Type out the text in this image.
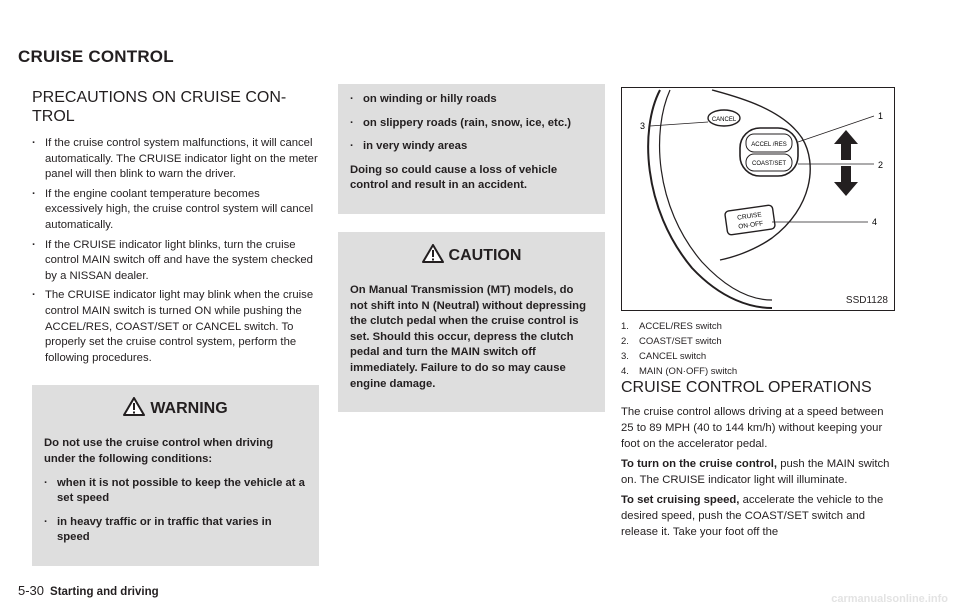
CRUISE CONTROL
PRECAUTIONS ON CRUISE CON-
TROL
. If the cruise control system malfunctions, it will cancel automatically. The CRUISE indicator light on the meter panel will then blink to warn the driver.
. If the engine coolant temperature becomes excessively high, the cruise control system will cancel automatically.
. If the CRUISE indicator light blinks, turn the cruise control MAIN switch off and have the system checked by a NISSAN dealer.
. The CRUISE indicator light may blink when the cruise control MAIN switch is turned ON while pushing the ACCEL/RES, COAST/SET or CANCEL switch. To properly set the cruise control system, perform the following procedures.
WARNING

Do not use the cruise control when driving under the following conditions:

. when it is not possible to keep the vehicle at a set speed
. in heavy traffic or in traffic that varies in speed
. on winding or hilly roads
. on slippery roads (rain, snow, ice, etc.)
. in very windy areas

Doing so could cause a loss of vehicle control and result in an accident.

CAUTION

On Manual Transmission (MT) models, do not shift into N (Neutral) without depressing the clutch pedal when the cruise control is set. Should this occur, depress the clutch pedal and turn the MAIN switch off immediately. Failure to do so may cause engine damage.

CANCEL
ACCEL /RES
COAST/SET
CRUISE
ON·OFF
1
2
3
4
SSD1128
1. ACCEL/RES switch
2. COAST/SET switch
3. CANCEL switch
4. MAIN (ON·OFF) switch
CRUISE CONTROL OPERATIONS

The cruise control allows driving at a speed between 25 to 89 MPH (40 to 144 km/h) without keeping your foot on the accelerator pedal.

To turn on the cruise control, push the MAIN switch on. The CRUISE indicator light will illuminate.

To set cruising speed, accelerate the vehicle to the desired speed, push the COAST/SET switch and release it. Take your foot off the

5-30 Starting and driving
carmanualsonline.info
